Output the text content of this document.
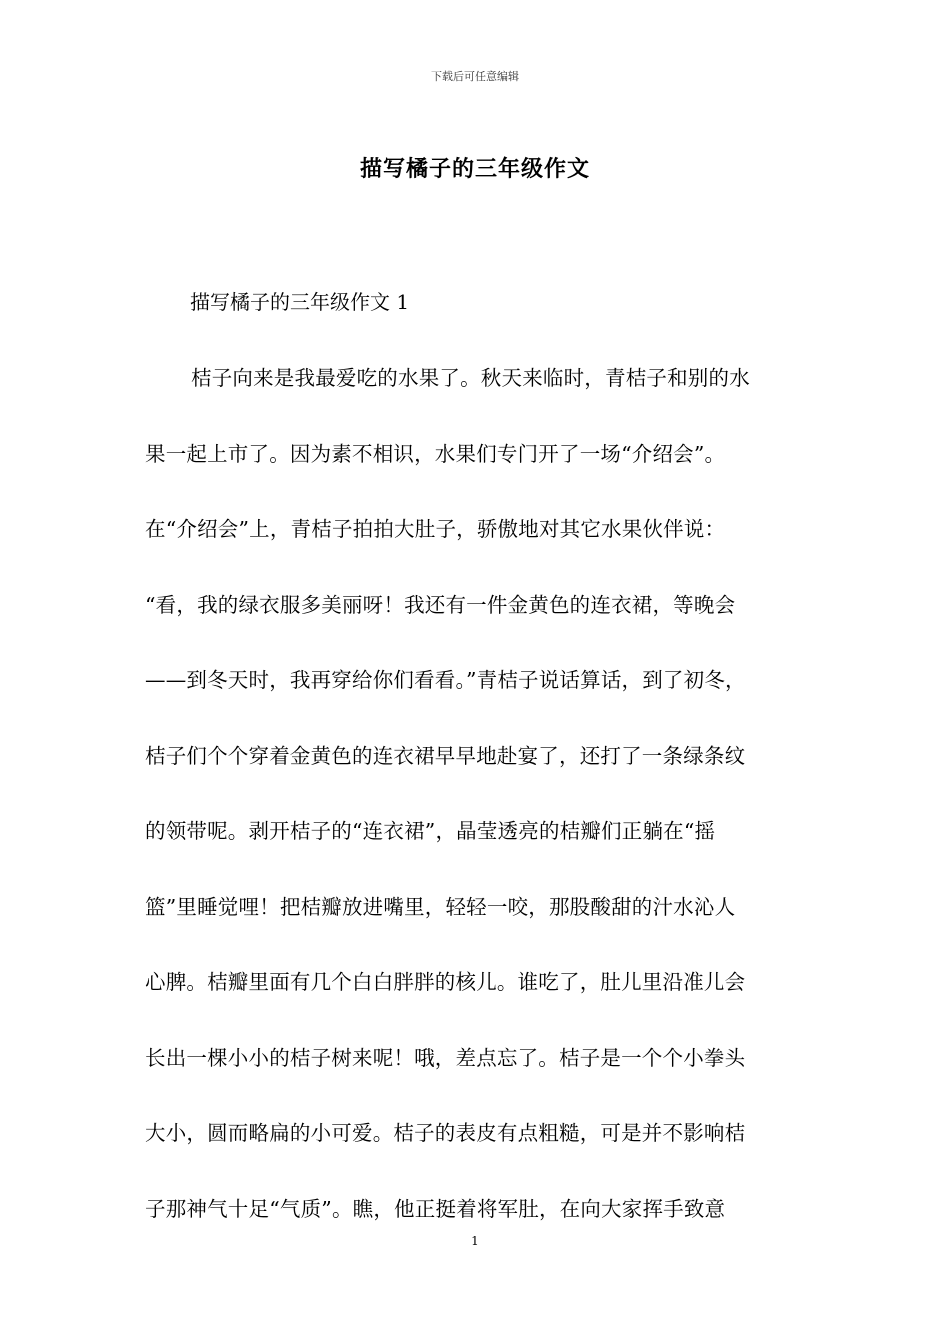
下载后可任意编辑
描写橘子的三年级作文
描写橘子的三年级作文 1
桔子向来是我最爱吃的水果了。秋天来临时，青桔子和别的水
果一起上市了。因为素不相识，水果们专门开了一场“介绍会”。
在“介绍会”上，青桔子拍拍大肚子，骄傲地对其它水果伙伴说：
“看，我的绿衣服多美丽呀！我还有一件金黄色的连衣裙，等晚会
——到冬天时，我再穿给你们看看。”青桔子说话算话，到了初冬，
桔子们个个穿着金黄色的连衣裙早早地赴宴了，还打了一条绿条纹
的领带呢。剥开桔子的“连衣裙”，晶莹透亮的桔瓣们正躺在“摇
篮”里睡觉哩！把桔瓣放进嘴里，轻轻一咬，那股酸甜的汁水沁人
心脾。桔瓣里面有几个白白胖胖的核儿。谁吃了，肚儿里沿准儿会
长出一棵小小的桔子树来呢！哦，差点忘了。桔子是一个个小拳头
大小，圆而略扁的小可爱。桔子的表皮有点粗糙，可是并不影响桔
子那神气十足“气质”。瞧，他正挺着将军肚，在向大家挥手致意
1
